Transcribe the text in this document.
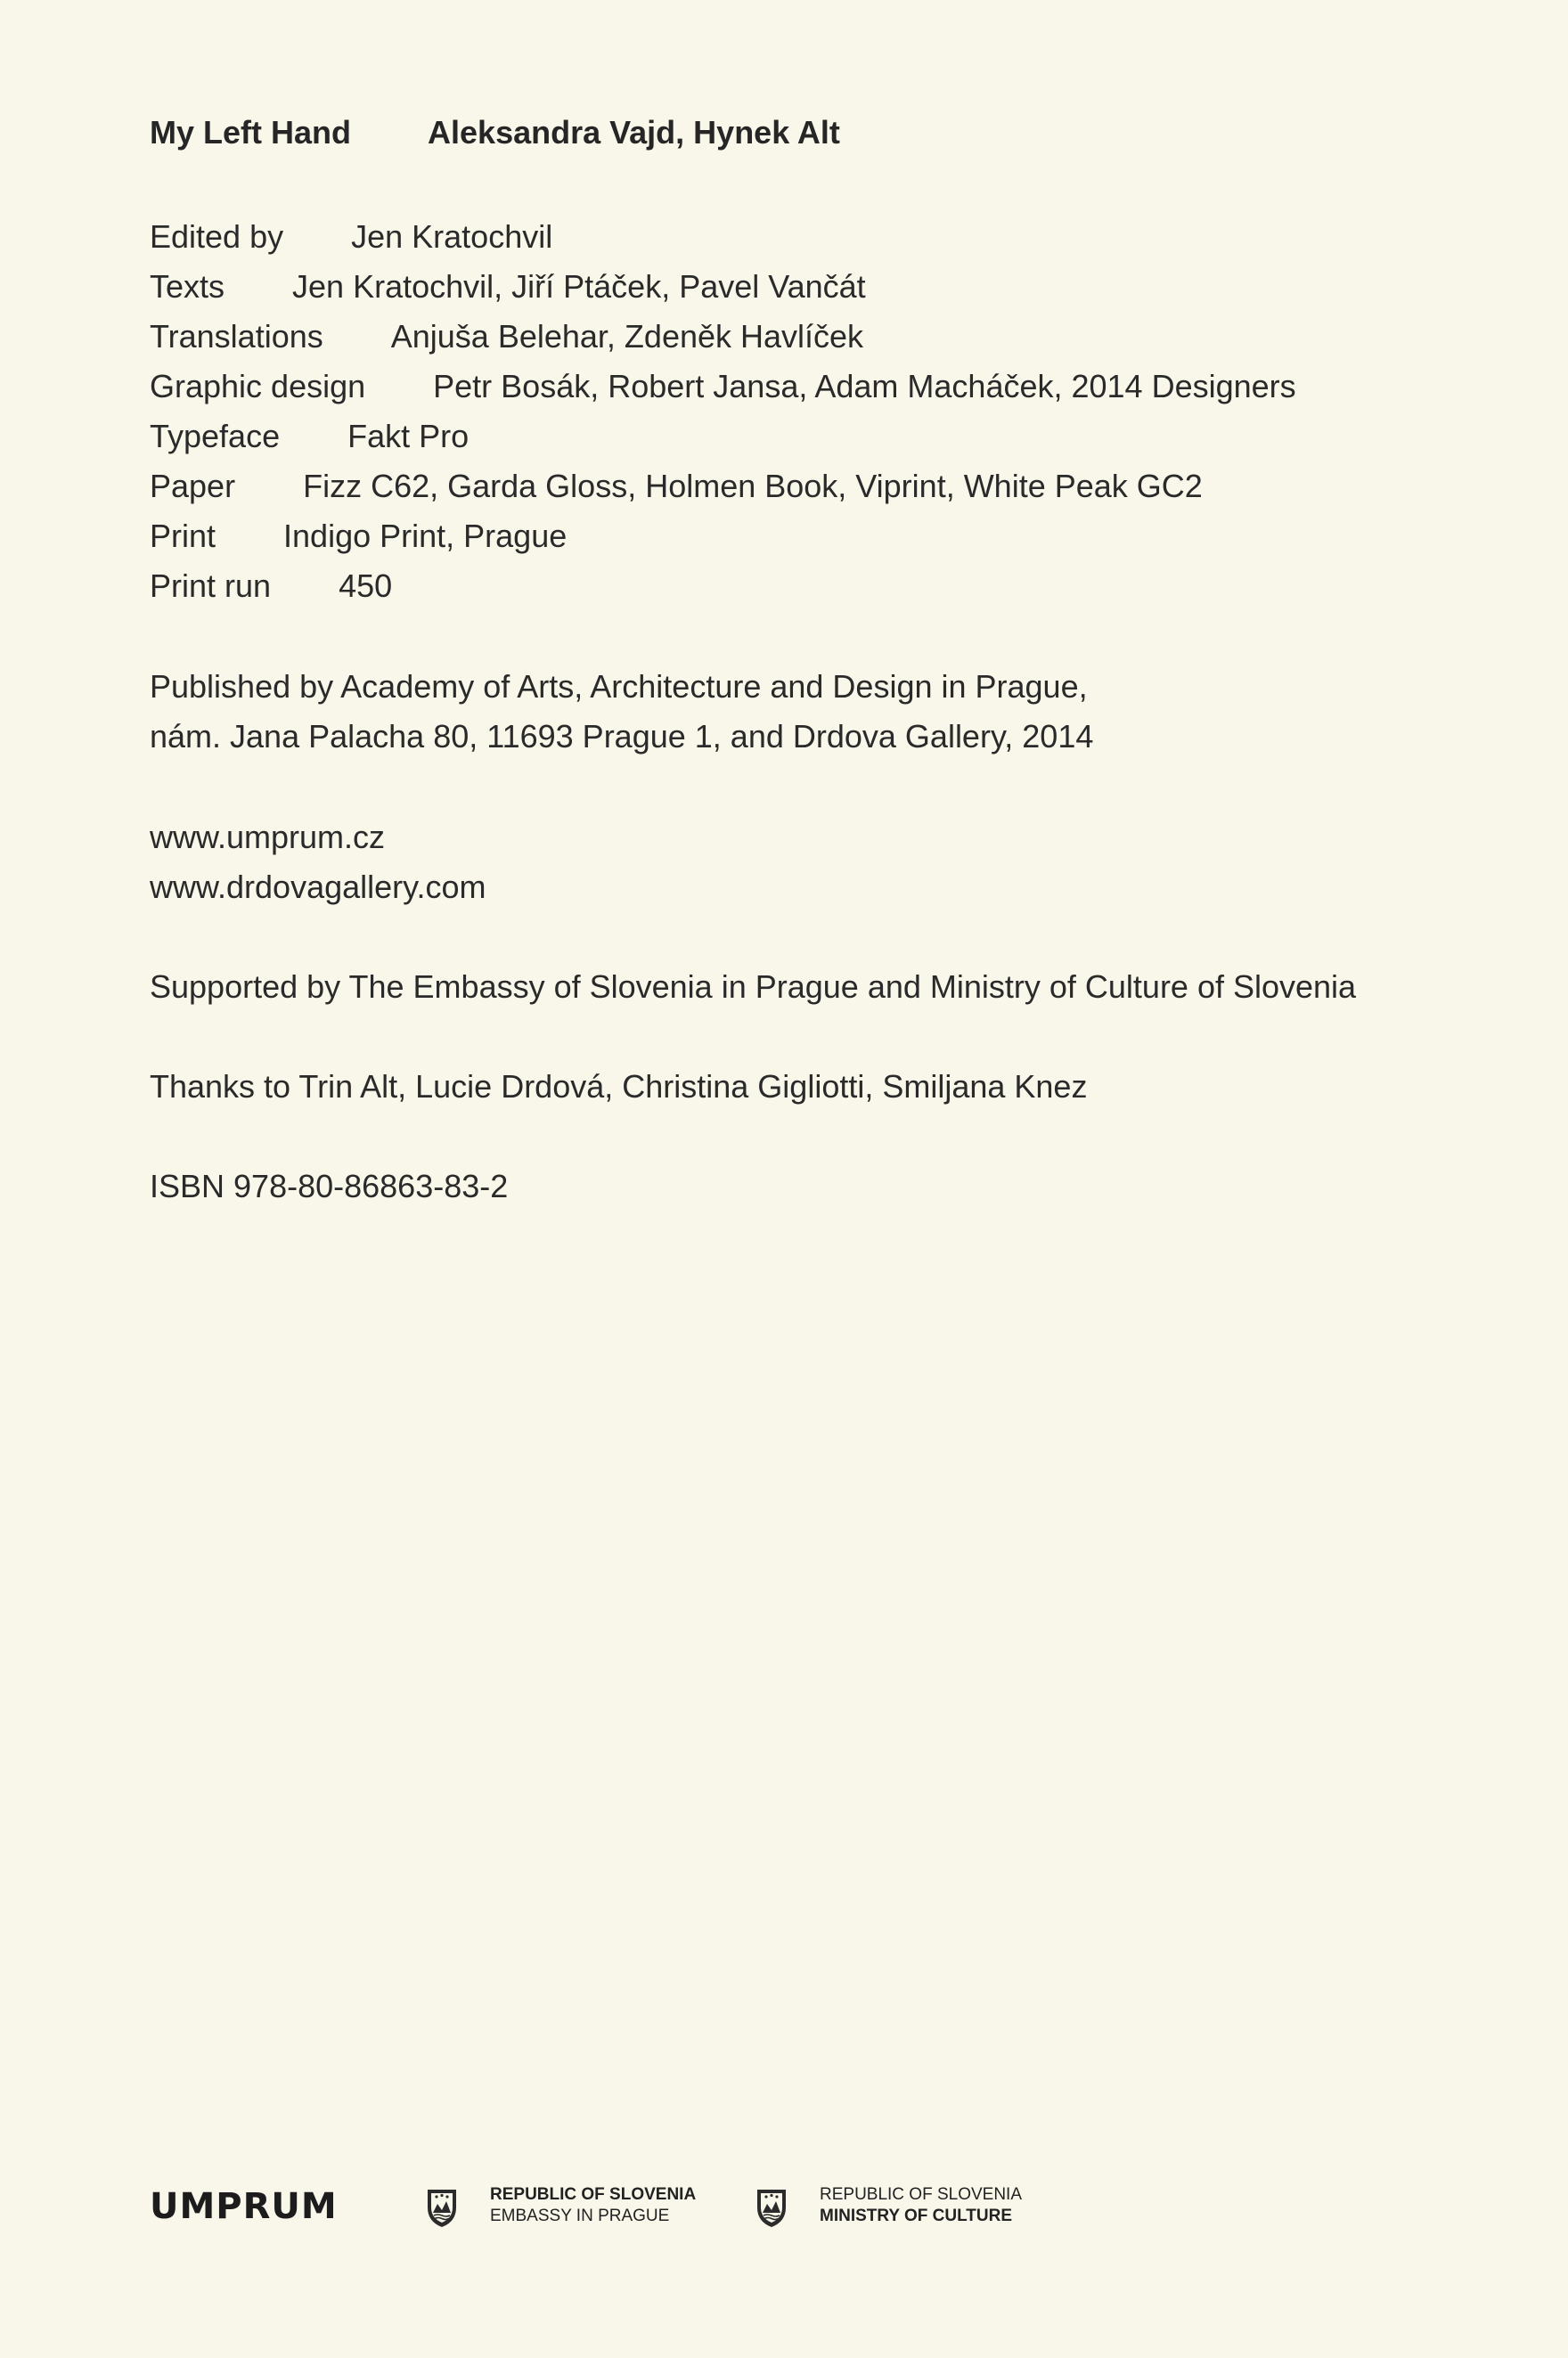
My Left Hand Aleksandra Vajd, Hynek Alt
Edited by Jen Kratochvil
Texts Jen Kratochvil, Jiří Ptáček, Pavel Vančát
Translations Anjuša Belehar, Zdeněk Havlíček
Graphic design Petr Bosák, Robert Jansa, Adam Macháček, 2014 Designers
Typeface Fakt Pro
Paper Fizz C62, Garda Gloss, Holmen Book, Viprint, White Peak GC2
Print Indigo Print, Prague
Print run 450
Published by Academy of Arts, Architecture and Design in Prague,
nám. Jana Palacha 80, 11693 Prague 1, and Drdova Gallery, 2014
www.umprum.cz
www.drdovagallery.com
Supported by The Embassy of Slovenia in Prague and Ministry of Culture of Slovenia
Thanks to Trin Alt, Lucie Drdová, Christina Gigliotti, Smiljana Knez
ISBN 978-80-86863-83-2
UMPRUM	REPUBLIC OF SLOVENIA
EMBASSY IN PRAGUE
REPUBLIC OF SLOVENIA
MINISTRY OF CULTURE
